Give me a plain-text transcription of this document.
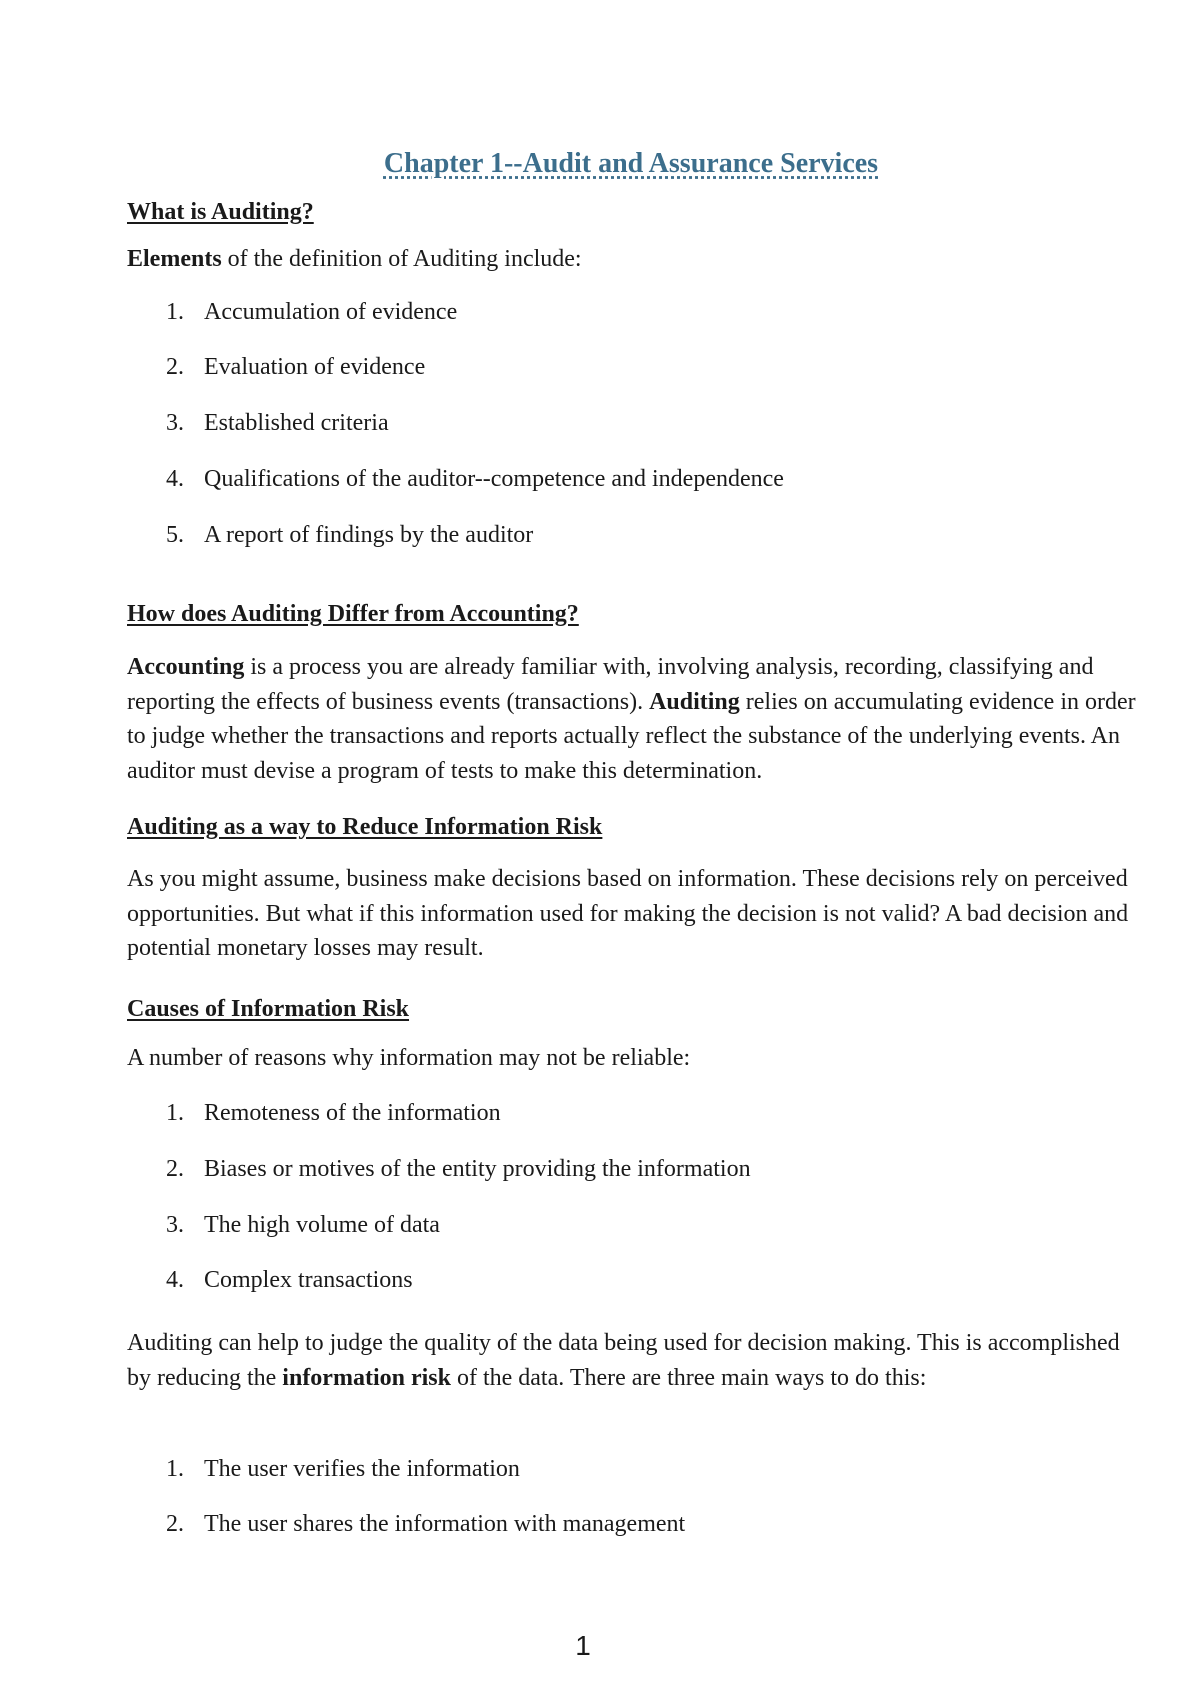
Chapter 1--Audit and Assurance Services

What is Auditing?

Elements of the definition of Auditing include:

1. Accumulation of evidence
2. Evaluation of evidence
3. Established criteria
4. Qualifications of the auditor--competence and independence
5. A report of findings by the auditor

How does Auditing Differ from Accounting?

Accounting is a process you are already familiar with, involving analysis, recording, classifying and reporting the effects of business events (transactions). Auditing relies on accumulating evidence in order to judge whether the transactions and reports actually reflect the substance of the underlying events. An auditor must devise a program of tests to make this determination.

Auditing as a way to Reduce Information Risk

As you might assume, business make decisions based on information. These decisions rely on perceived opportunities. But what if this information used for making the decision is not valid? A bad decision and potential monetary losses may result.

Causes of Information Risk

A number of reasons why information may not be reliable:

1. Remoteness of the information
2. Biases or motives of the entity providing the information
3. The high volume of data
4. Complex transactions

Auditing can help to judge the quality of the data being used for decision making. This is accomplished by reducing the information risk of the data. There are three main ways to do this:

1. The user verifies the information
2. The user shares the information with management
1
